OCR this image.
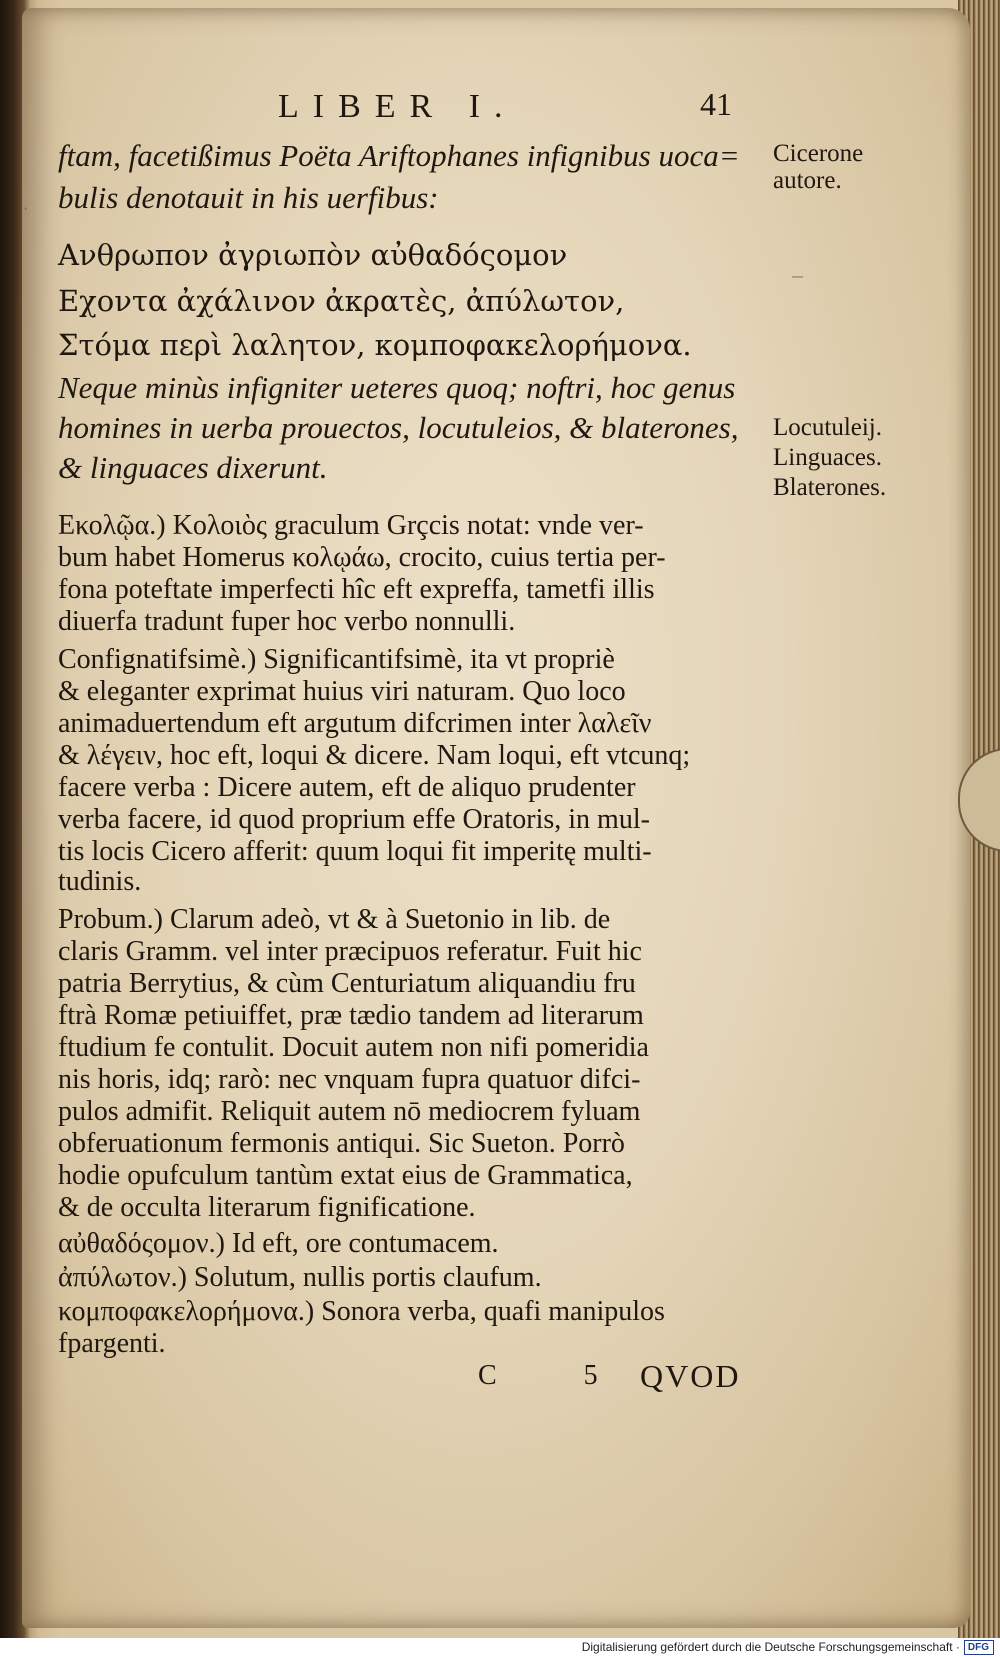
LIBER I.	41
ftam, facetißimus Poëta Ariftophanes infignibus uoca=
bulis denotauit in his uerfibus:
Ανθρωπον ἀγριωπὸν αὐθαδόςομον
Εχοντα ἀχάλινον ἀκρατὲς, ἀπύλωτον,
Στόμα περὶ λαλητον, κομποφακελορήμονα.
Neque minùs infigniter ueteres quoq; noftri, hoc genus
homines in uerba prouectos, locutuleios, & blaterones,
& linguaces dixerunt.
Εκολῷα.) Κολοιὸς graculum Grçcis notat: vnde ver-
bum habet Homerus κολῳάω, crocito, cuius tertia per-
fona poteftate imperfecti hîc eft expreffa, tametfi illis
diuerfa tradunt fuper hoc verbo nonnulli.
Confignatifsimè.) Significantifsimè, ita vt propriè
& eleganter exprimat huius viri naturam. Quo loco
animaduertendum eft argutum difcrimen inter λαλεῖν
& λέγειν, hoc eft, loqui & dicere. Nam loqui, eft vtcunq;
facere verba : Dicere autem, eft de aliquo prudenter
verba facere, id quod proprium effe Oratoris, in mul-
tis locis Cicero afferit: quum loqui fit imperitę multi-
tudinis.
Probum.) Clarum adeò, vt & à Suetonio in lib. de
claris Gramm. vel inter præcipuos referatur. Fuit hic
patria Berrytius, & cùm Centuriatum aliquandiu fru
ftrà Romæ petiuiffet, præ tædio tandem ad literarum
ftudium fe contulit. Docuit autem non nifi pomeridia
nis horis, idq; rarò: nec vnquam fupra quatuor difci-
pulos admifit. Reliquit autem nō mediocrem fyluam
obferuationum fermonis antiqui. Sic Sueton. Porrò
hodie opufculum tantùm extat eius de Grammatica,
& de occulta literarum fignificatione.
αὐθαδόςομον.) Id eft, ore contumacem.
ἀπύλωτον.) Solutum, nullis portis claufum.
κομποφακελορήμονα.) Sonora verba, quafi manipulos
fpargenti.
C 5 QVOD
Cicerone
autore.
Locutuleij.
Linguaces.
Blaterones.
–
·
Digitalisierung gefördert durch die Deutsche Forschungsgemeinschaft · DFG
